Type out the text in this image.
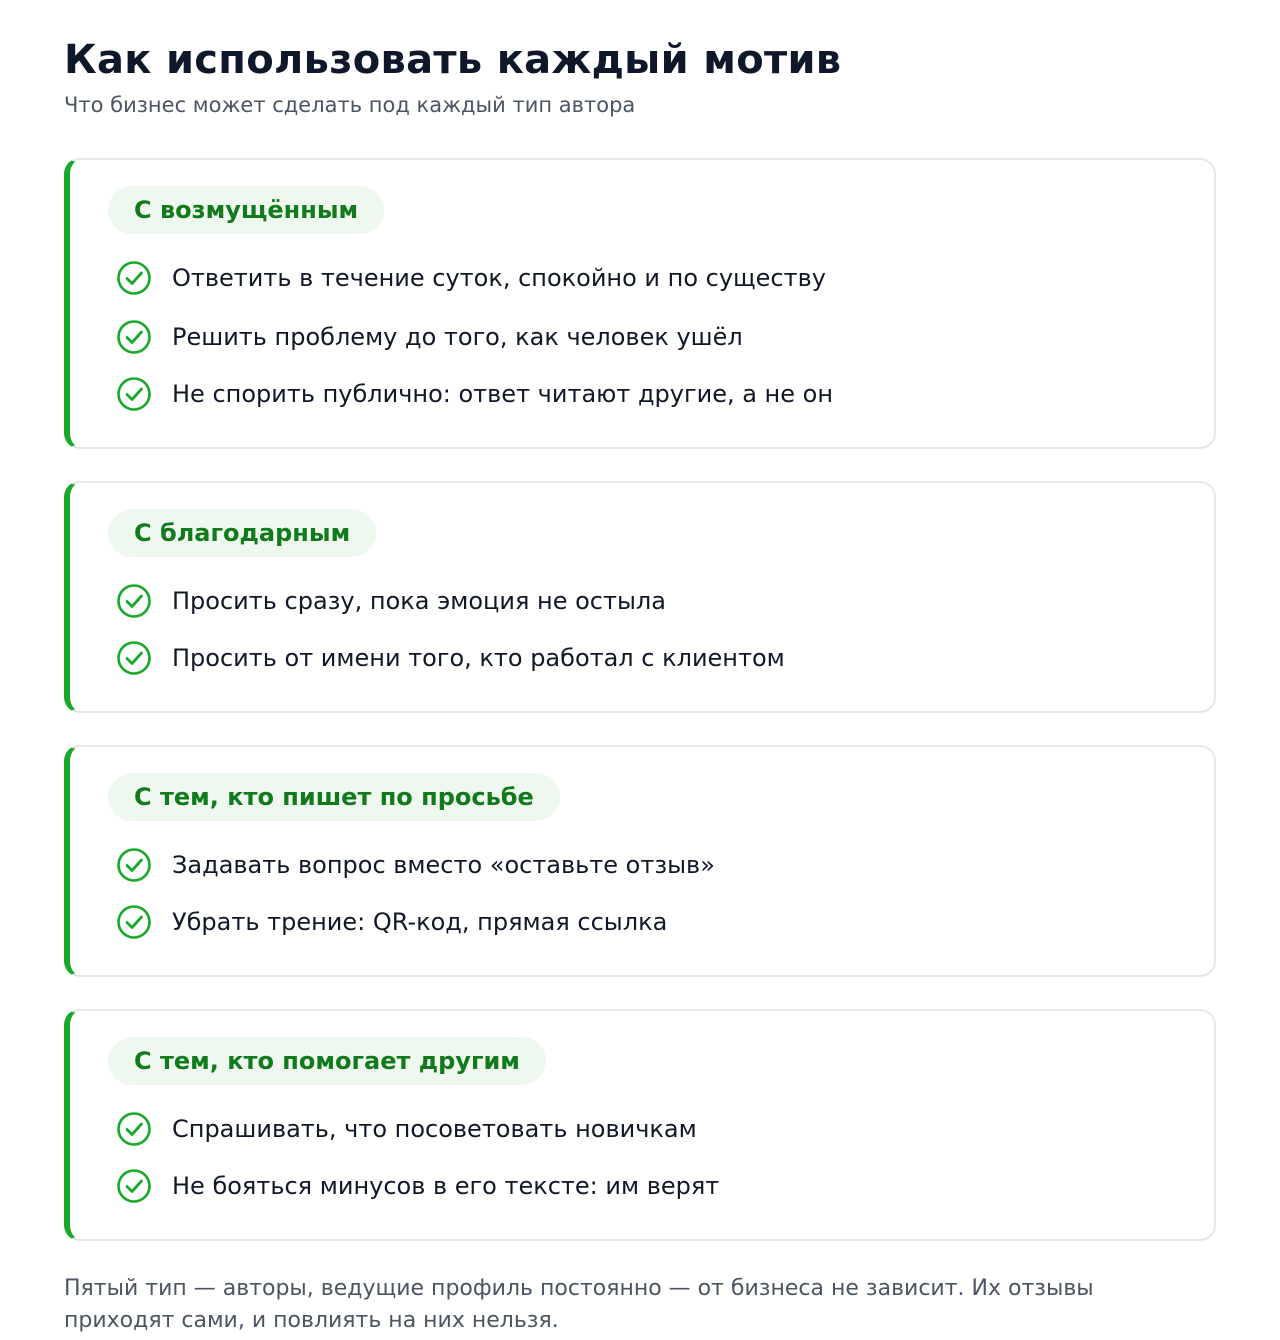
Как использовать каждый мотив

Что бизнес может сделать под каждый тип автора

С возмущённым
Ответить в течение суток, спокойно и по существу
Решить проблему до того, как человек ушёл
Не спорить публично: ответ читают другие, а не он
С благодарным
Просить сразу, пока эмоция не остыла
Просить от имени того, кто работал с клиентом
С тем, кто пишет по просьбе
Задавать вопрос вместо «оставьте отзыв»
Убрать трение: QR-код, прямая ссылка
С тем, кто помогает другим
Спрашивать, что посоветовать новичкам
Не бояться минусов в его тексте: им верят

Пятый тип — авторы, ведущие профиль постоянно — от бизнеса не зависит. Их отзывы приходят сами, и повлиять на них нельзя.
